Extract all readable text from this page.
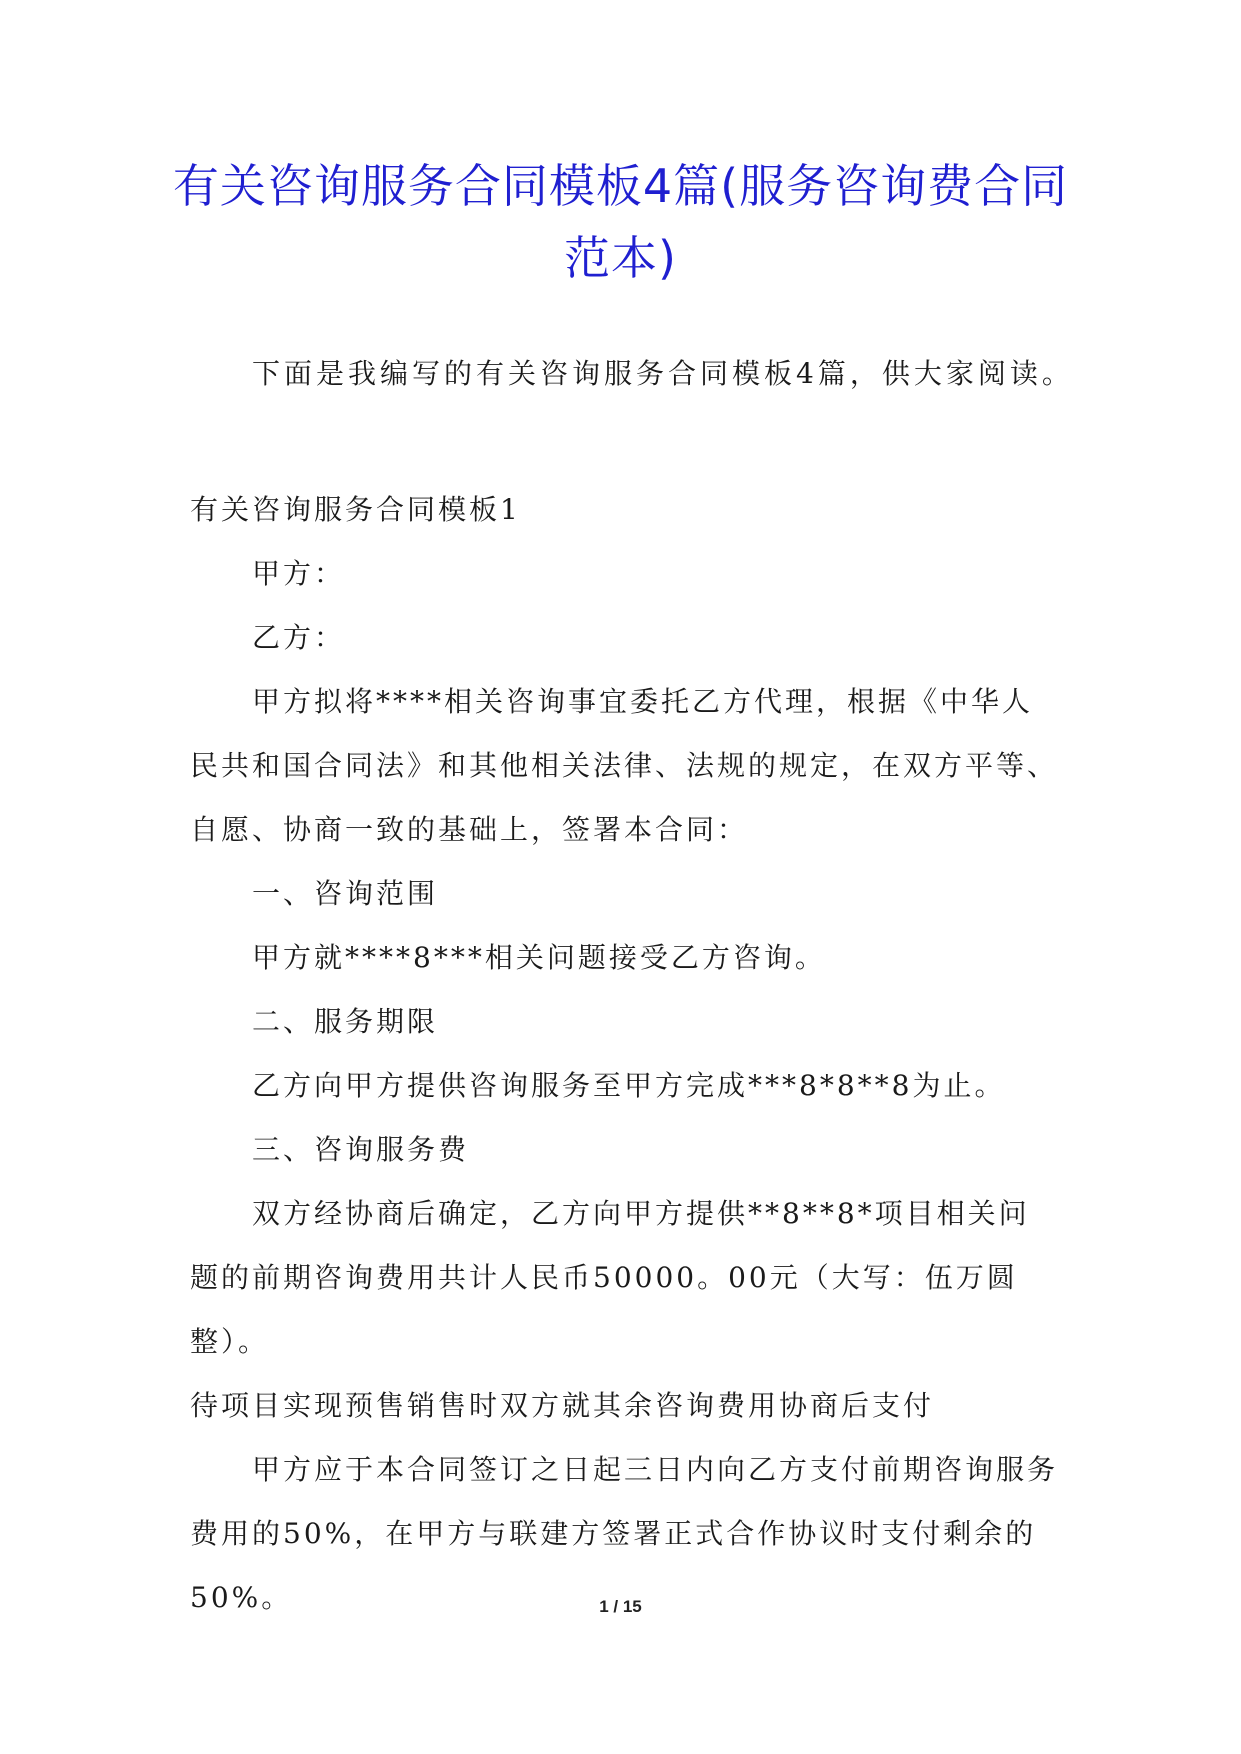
有关咨询服务合同模板4篇(服务咨询费合同范本)
下面是我编写的有关咨询服务合同模板4篇，供大家阅读。

有关咨询服务合同模板1

甲方：

乙方：

甲方拟将****相关咨询事宜委托乙方代理，根据《中华人民共和国合同法》和其他相关法律、法规的规定，在双方平等、自愿、协商一致的基础上，签署本合同：

一、咨询范围

甲方就****8***相关问题接受乙方咨询。

二、服务期限

乙方向甲方提供咨询服务至甲方完成***8*8**8为止。

三、咨询服务费

双方经协商后确定，乙方向甲方提供**8**8*项目相关问题的前期咨询费用共计人民币50000。00元（大写：伍万圆整）。

待项目实现预售销售时双方就其余咨询费用协商后支付

甲方应于本合同签订之日起三日内向乙方支付前期咨询服务费用的50%，在甲方与联建方签署正式合作协议时支付剩余的50%。	1 / 15
